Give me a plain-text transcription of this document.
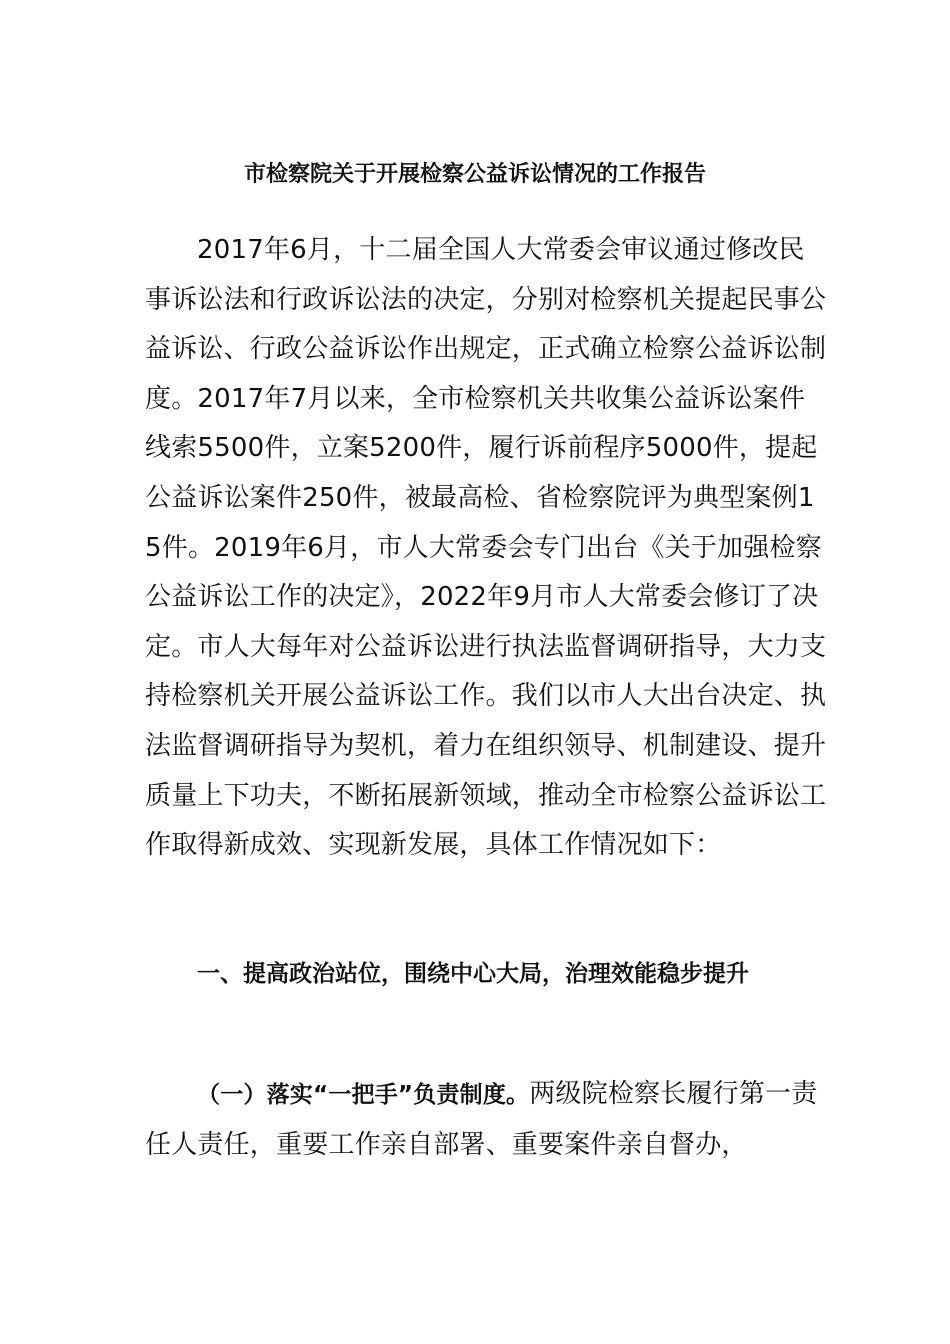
市检察院关于开展检察公益诉讼情况的工作报告

2017年6月，十二届全国人大常委会审议通过修改民事诉讼法和行政诉讼法的决定，分别对检察机关提起民事公益诉讼、行政公益诉讼作出规定，正式确立检察公益诉讼制度。2017年7月以来，全市检察机关共收集公益诉讼案件线索5500件，立案5200件，履行诉前程序5000件，提起公益诉讼案件250件，被最高检、省检察院评为典型案例15件。2019年6月，市人大常委会专门出台《关于加强检察公益诉讼工作的决定》，2022年9月市人大常委会修订了决定。市人大每年对公益诉讼进行执法监督调研指导，大力支持检察机关开展公益诉讼工作。我们以市人大出台决定、执法监督调研指导为契机，着力在组织领导、机制建设、提升质量上下功夫，不断拓展新领域，推动全市检察公益诉讼工作取得新成效、实现新发展，具体工作情况如下：

一、提高政治站位，围绕中心大局，治理效能稳步提升

（一）落实“一把手”负责制度。两级院检察长履行第一责任人责任，重要工作亲自部署、重要案件亲自督办，
